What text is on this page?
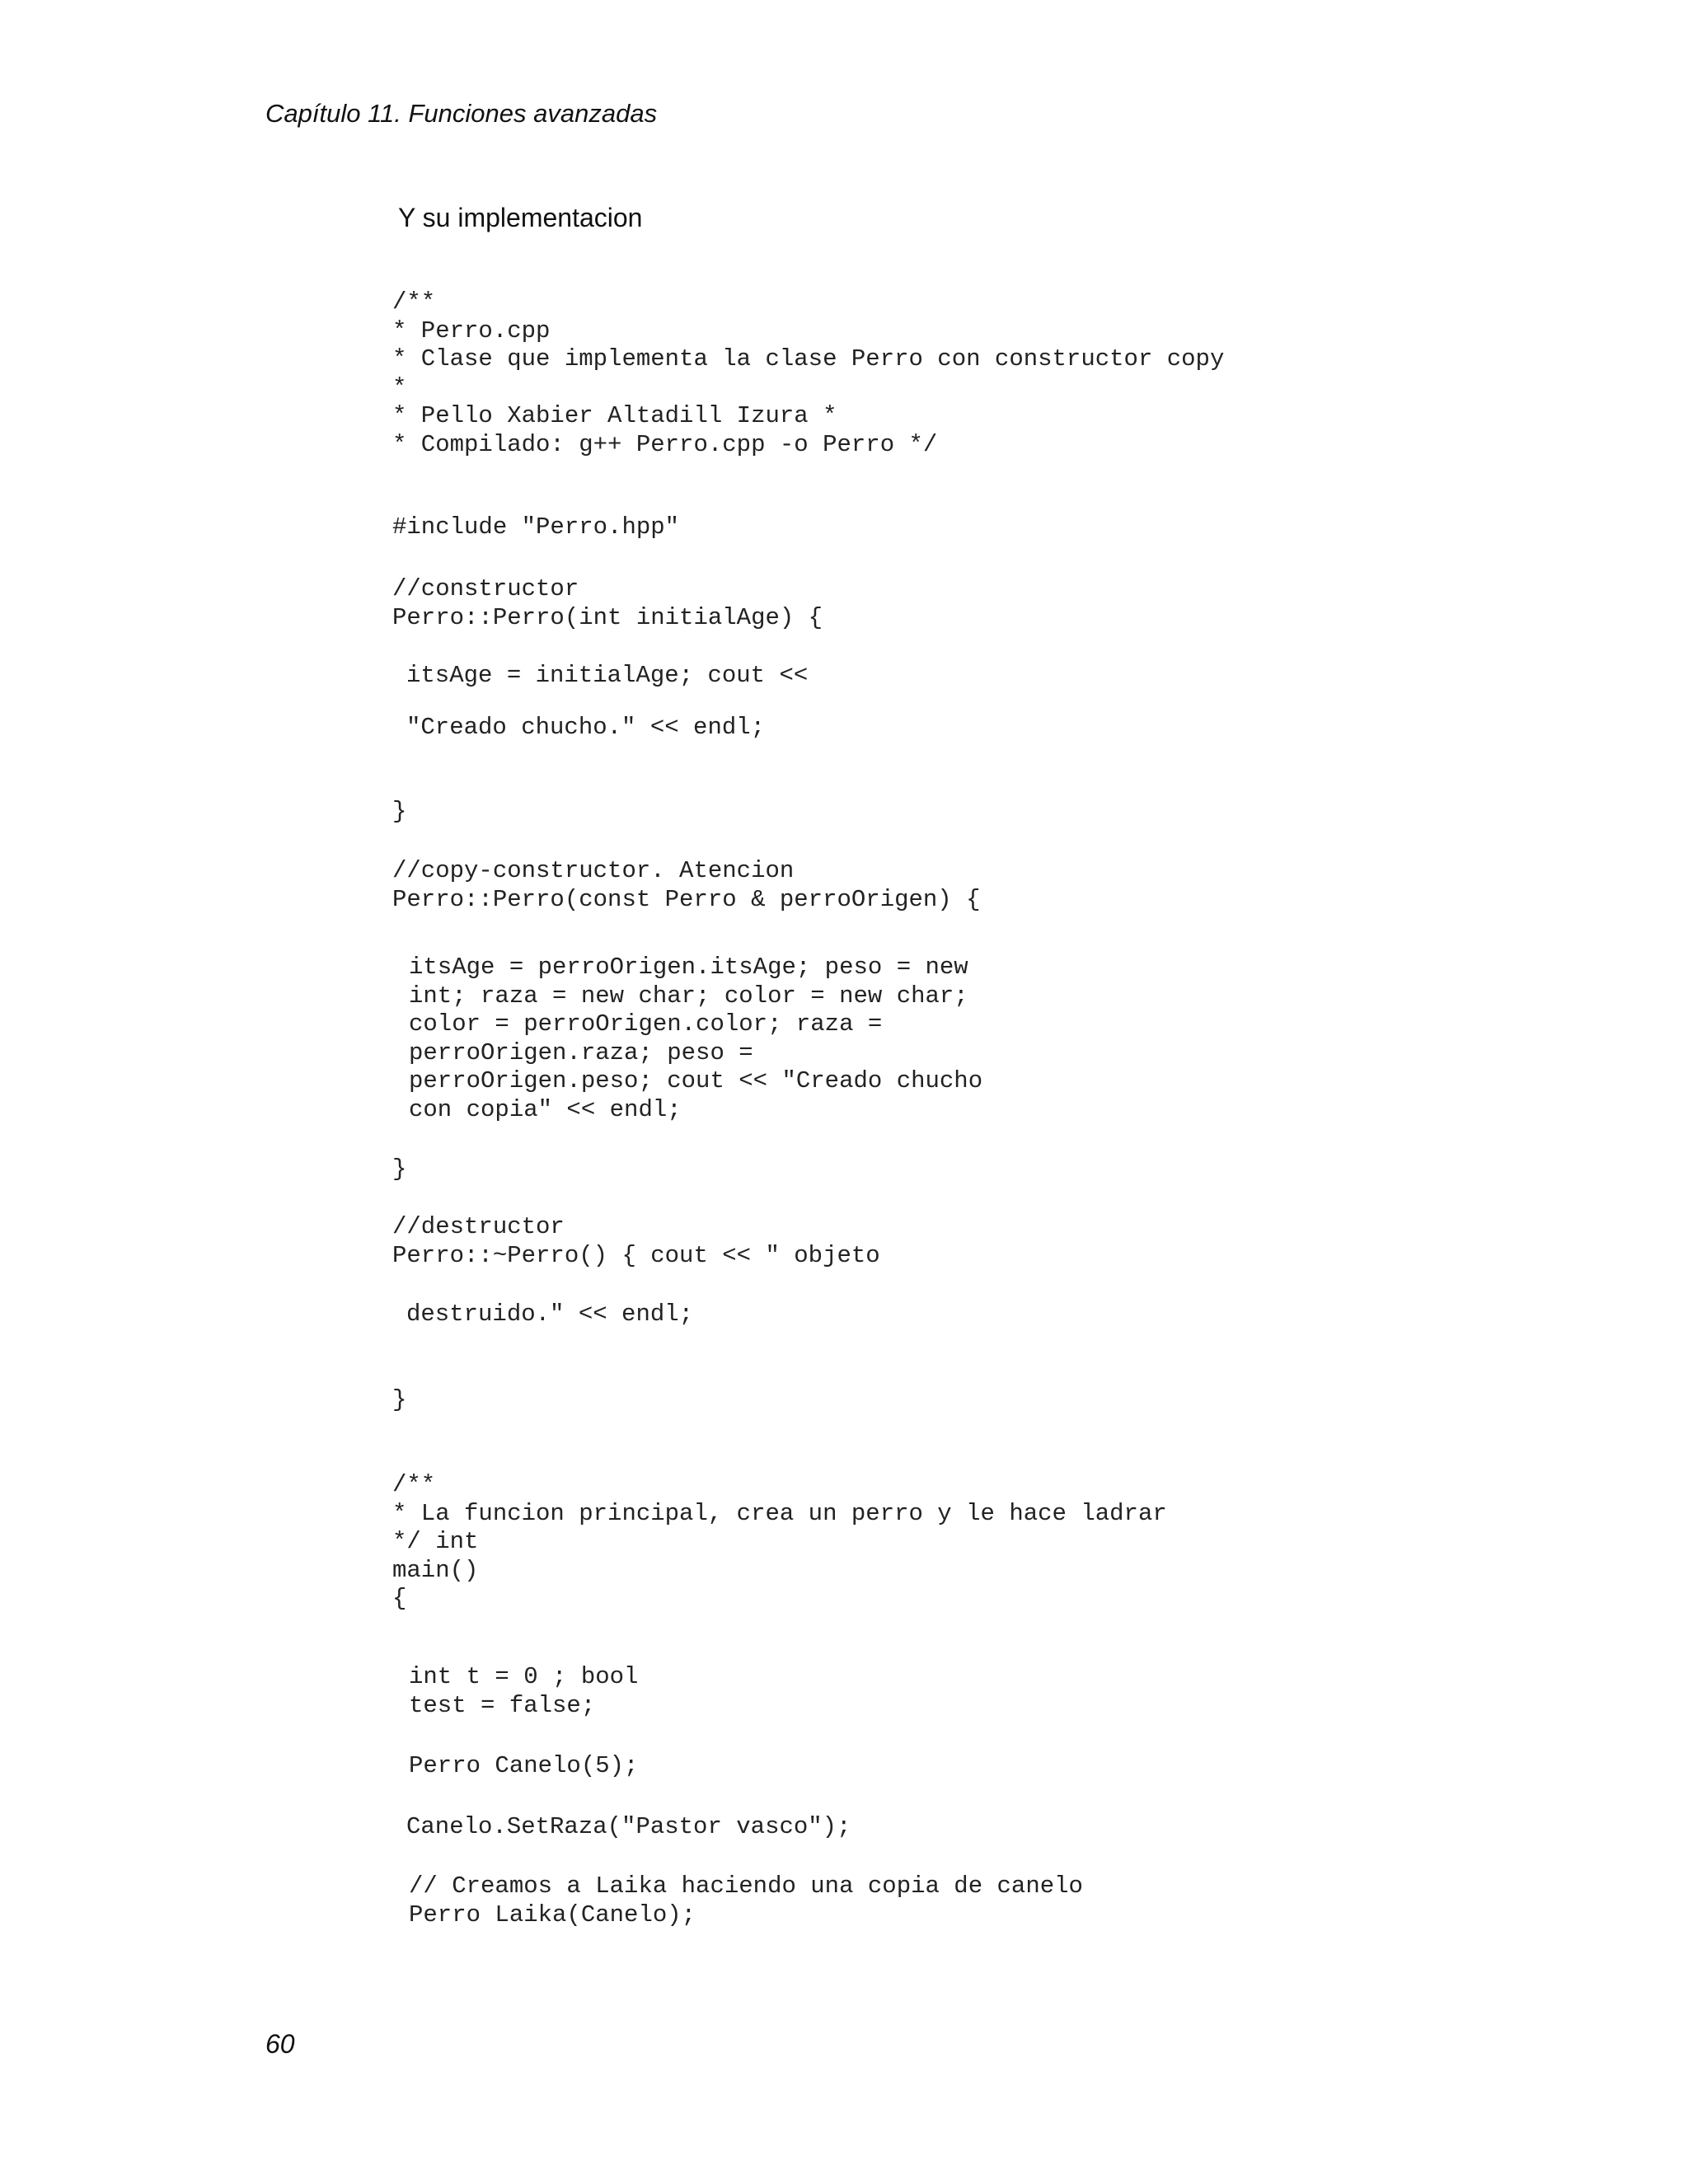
Capítulo 11. Funciones avanzadas
Y su implementacion
/**
* Perro.cpp
* Clase que implementa la clase Perro con constructor copy
*
* Pello Xabier Altadill Izura *
* Compilado: g++ Perro.cpp -o Perro */
#include "Perro.hpp"
//constructor
Perro::Perro(int initialAge) {
itsAge = initialAge; cout <<
"Creado chucho." << endl;
}
//copy-constructor. Atencion
Perro::Perro(const Perro & perroOrigen) {
itsAge = perroOrigen.itsAge; peso = new
int; raza = new char; color = new char;
color = perroOrigen.color; raza =
perroOrigen.raza; peso =
perroOrigen.peso; cout << "Creado chucho
con copia" << endl;
}
//destructor
Perro::~Perro() { cout << " objeto
destruido." << endl;
}
/**
* La funcion principal, crea un perro y le hace ladrar
*/ int
main()
{
int t = 0 ; bool
test = false;
Perro Canelo(5);
Canelo.SetRaza("Pastor vasco");
// Creamos a Laika haciendo una copia de canelo
Perro Laika(Canelo);
60
